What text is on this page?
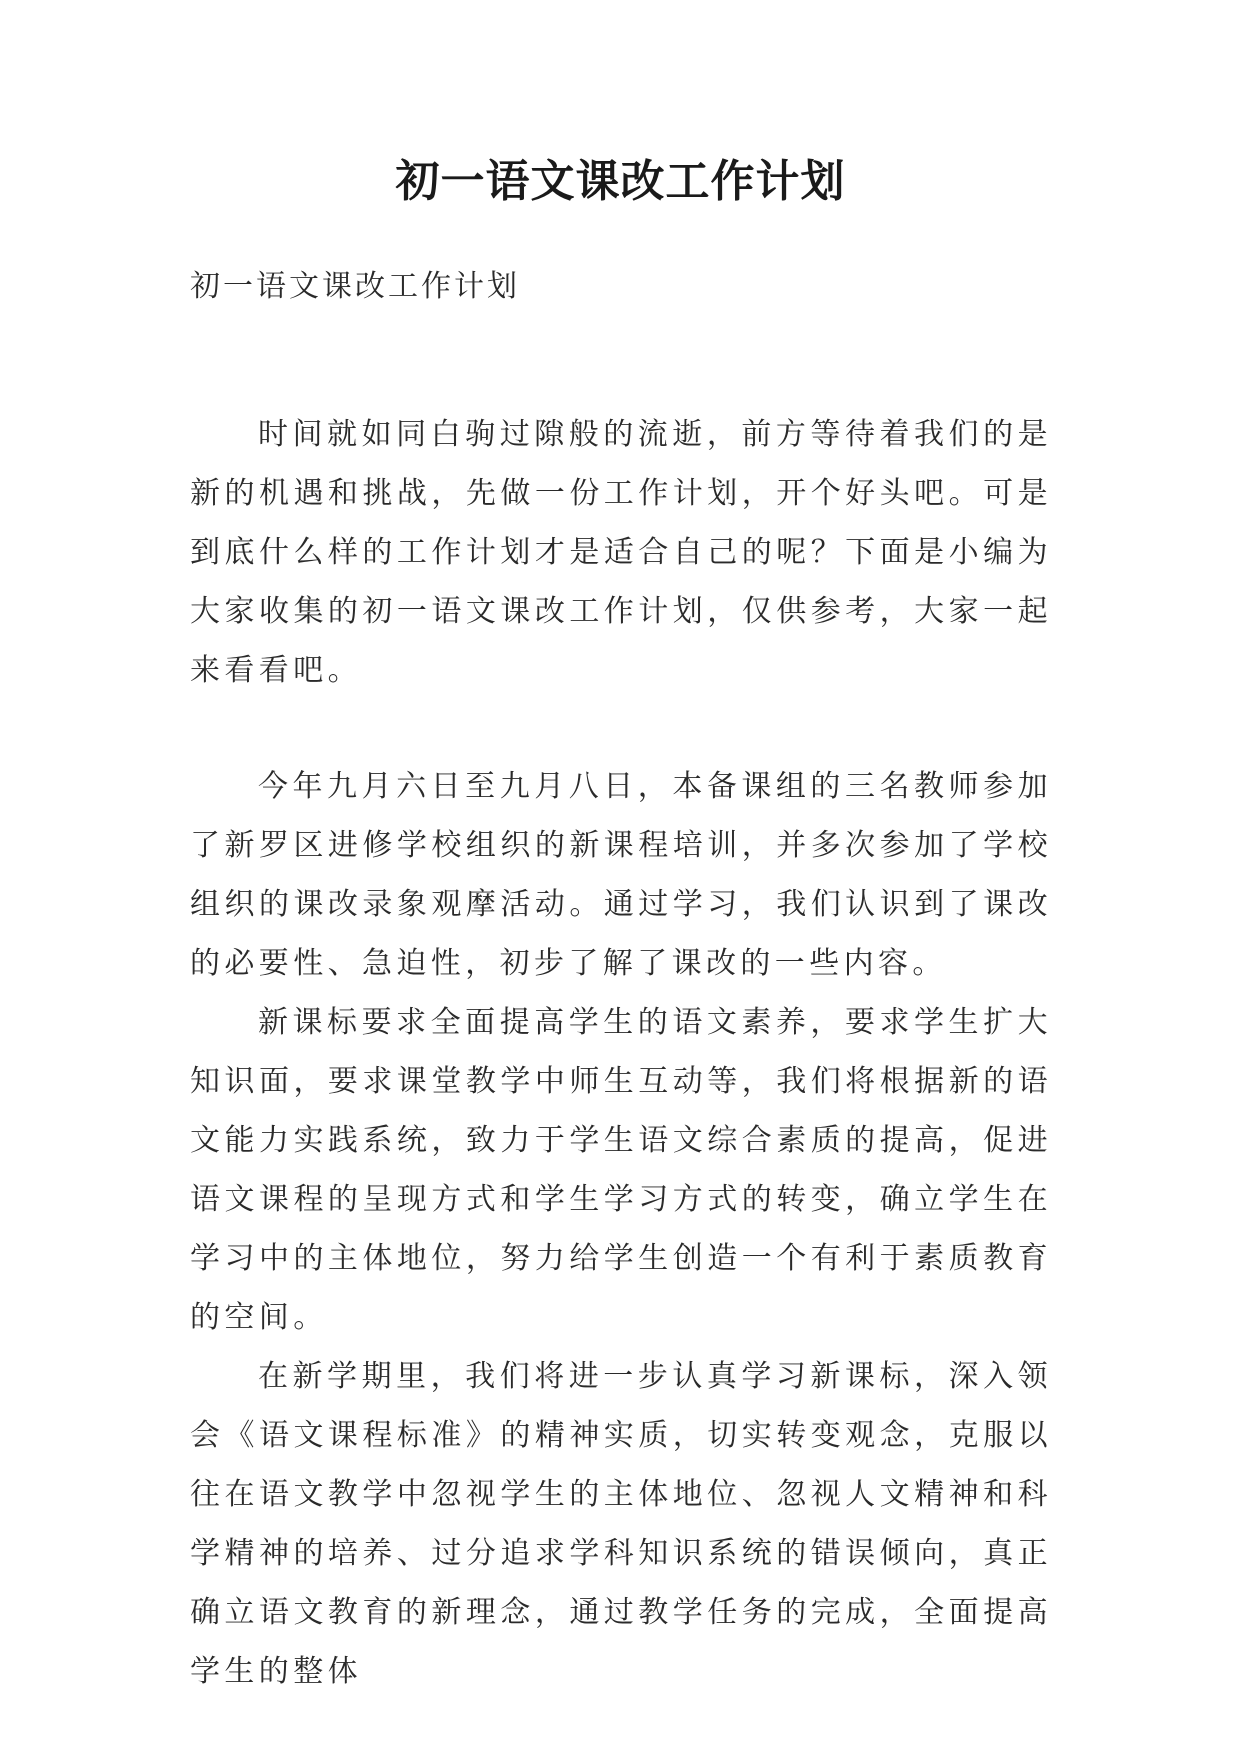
初一语文课改工作计划
初一语文课改工作计划

时间就如同白驹过隙般的流逝，前方等待着我们的是新的机遇和挑战，先做一份工作计划，开个好头吧。可是到底什么样的工作计划才是适合自己的呢？下面是小编为大家收集的初一语文课改工作计划，仅供参考，大家一起来看看吧。

今年九月六日至九月八日，本备课组的三名教师参加了新罗区进修学校组织的新课程培训，并多次参加了学校组织的课改录象观摩活动。通过学习，我们认识到了课改的必要性、急迫性，初步了解了课改的一些内容。

新课标要求全面提高学生的语文素养，要求学生扩大知识面，要求课堂教学中师生互动等，我们将根据新的语文能力实践系统，致力于学生语文综合素质的提高，促进语文课程的呈现方式和学生学习方式的转变，确立学生在学习中的主体地位，努力给学生创造一个有利于素质教育的空间。

在新学期里，我们将进一步认真学习新课标，深入领会《语文课程标准》的精神实质，切实转变观念，克服以往在语文教学中忽视学生的主体地位、忽视人文精神和科学精神的培养、过分追求学科知识系统的错误倾向，真正确立语文教育的新理念，通过教学任务的完成，全面提高学生的整体
